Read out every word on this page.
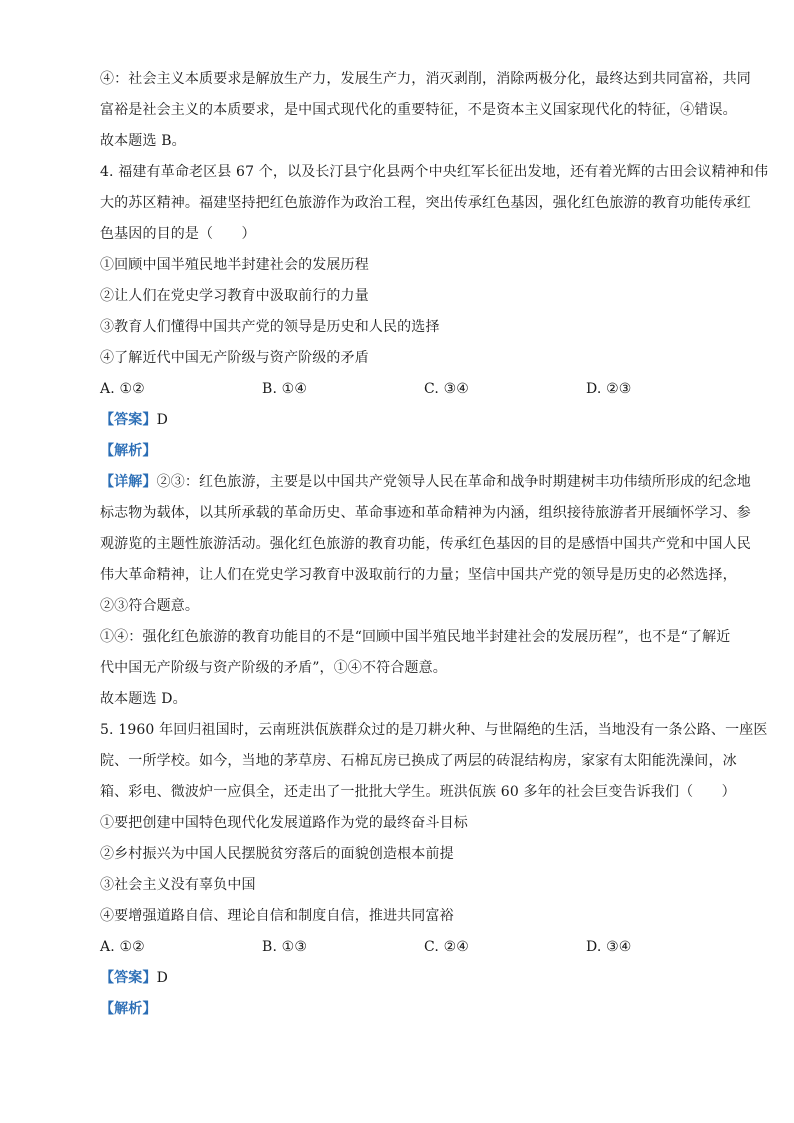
④：社会主义本质要求是解放生产力，发展生产力，消灭剥削，消除两极分化，最终达到共同富裕，共同
富裕是社会主义的本质要求，是中国式现代化的重要特征，不是资本主义国家现代化的特征，④错误。
故本题选 B。
4. 福建有革命老区县 67 个，以及长汀县宁化县两个中央红军长征出发地，还有着光辉的古田会议精神和伟
大的苏区精神。福建坚持把红色旅游作为政治工程，突出传承红色基因，强化红色旅游的教育功能传承红
色基因的目的是（　　）
①回顾中国半殖民地半封建社会的发展历程
②让人们在党史学习教育中汲取前行的力量
③教育人们懂得中国共产党的领导是历史和人民的选择
④了解近代中国无产阶级与资产阶级的矛盾
A. ①②	B. ①④	C. ③④	D. ②③
【答案】D
【解析】
【详解】②③：红色旅游，主要是以中国共产党领导人民在革命和战争时期建树丰功伟绩所形成的纪念地
标志物为载体，以其所承载的革命历史、革命事迹和革命精神为内涵，组织接待旅游者开展缅怀学习、参
观游览的主题性旅游活动。强化红色旅游的教育功能，传承红色基因的目的是感悟中国共产党和中国人民
伟大革命精神，让人们在党史学习教育中汲取前行的力量；坚信中国共产党的领导是历史的必然选择，
②③符合题意。
①④：强化红色旅游的教育功能目的不是“回顾中国半殖民地半封建社会的发展历程”，也不是“了解近
代中国无产阶级与资产阶级的矛盾”，①④不符合题意。
故本题选 D。
5. 1960 年回归祖国时，云南班洪佤族群众过的是刀耕火种、与世隔绝的生活，当地没有一条公路、一座医
院、一所学校。如今，当地的茅草房、石棉瓦房已换成了两层的砖混结构房，家家有太阳能洗澡间，冰
箱、彩电、微波炉一应俱全，还走出了一批批大学生。班洪佤族 60 多年的社会巨变告诉我们（　　）
①要把创建中国特色现代化发展道路作为党的最终奋斗目标
②乡村振兴为中国人民摆脱贫穷落后的面貌创造根本前提
③社会主义没有辜负中国
④要增强道路自信、理论自信和制度自信，推进共同富裕
A. ①②	B. ①③	C. ②④	D. ③④
【答案】D
【解析】
